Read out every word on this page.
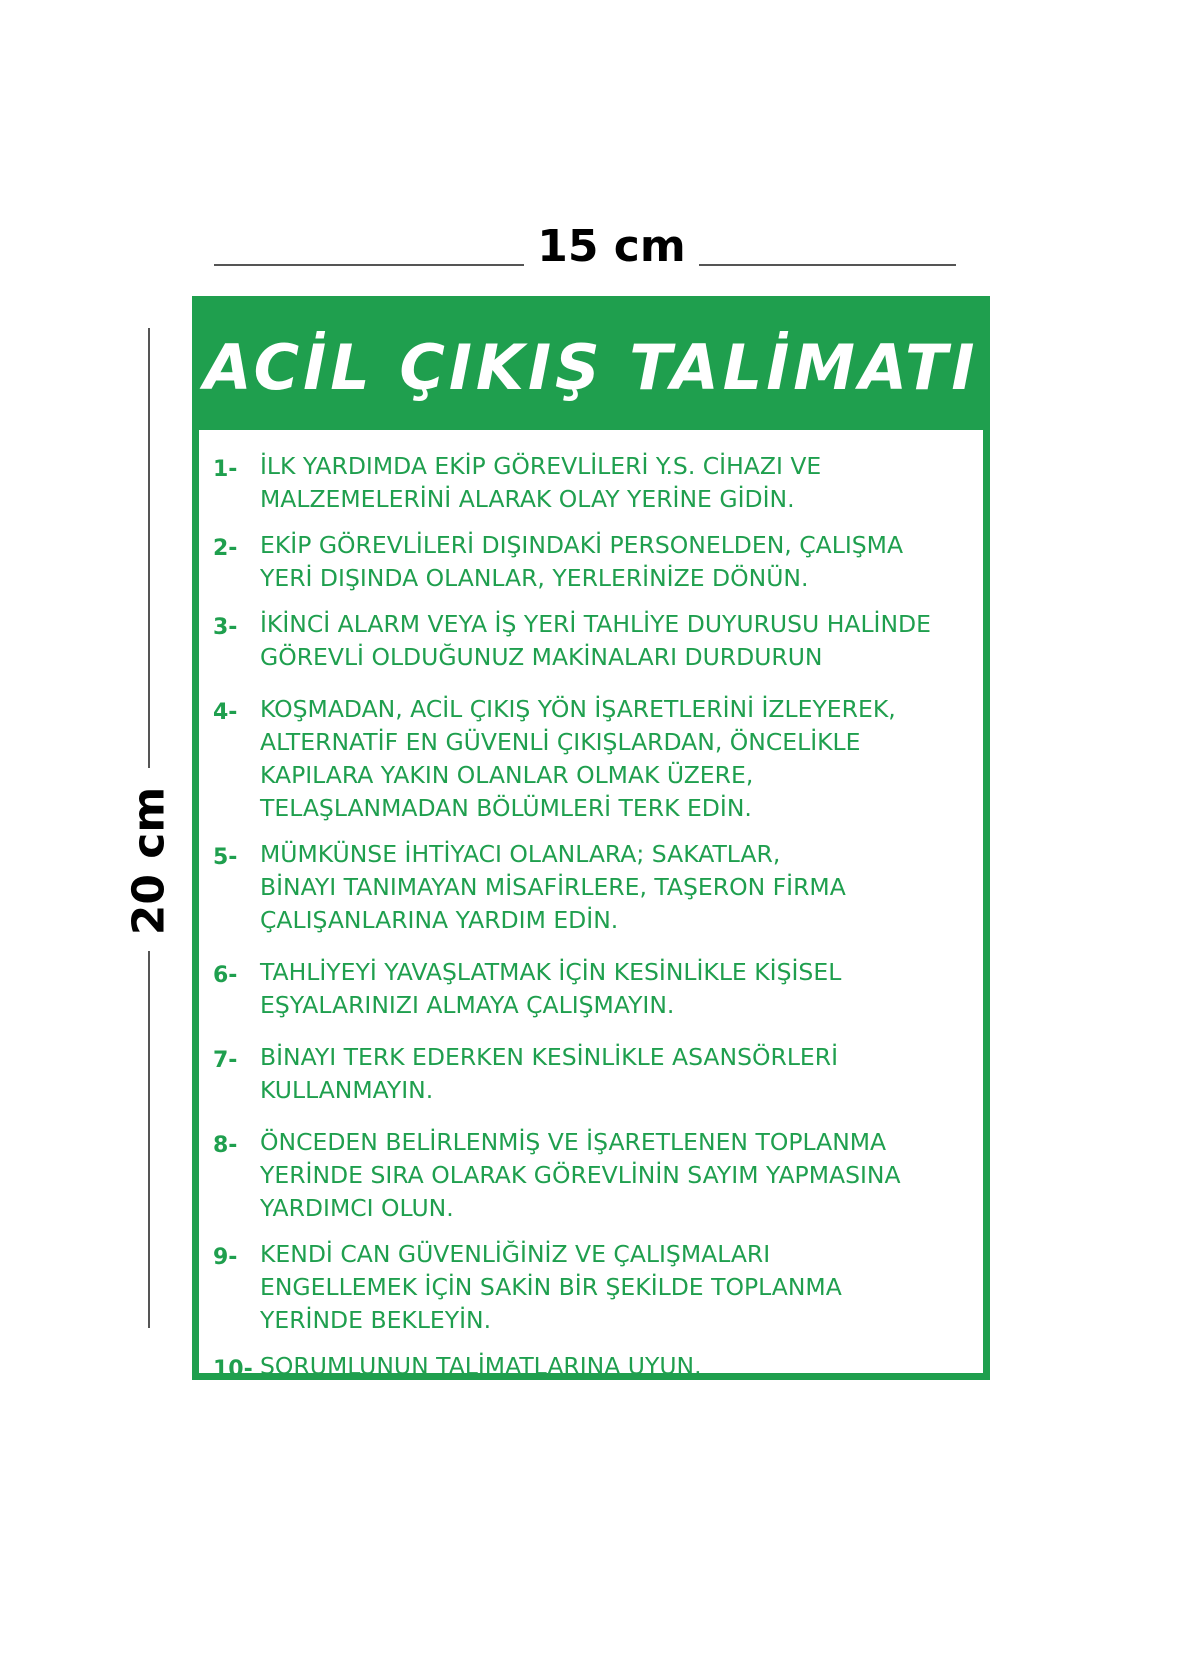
15 cm
20 cm
ACİL ÇIKIŞ TALİMATI
1- İLK YARDIMDA EKİP GÖREVLİLERİ Y.S. CİHAZI VE
MALZEMELERİNİ ALARAK OLAY YERİNE GİDİN.
2- EKİP GÖREVLİLERİ DIŞINDAKİ PERSONELDEN, ÇALIŞMA
YERİ DIŞINDA OLANLAR, YERLERİNİZE DÖNÜN.
3- İKİNCİ ALARM VEYA İŞ YERİ TAHLİYE DUYURUSU HALİNDE
GÖREVLİ OLDUĞUNUZ MAKİNALARI DURDURUN
4- KOŞMADAN, ACİL ÇIKIŞ YÖN İŞARETLERİNİ İZLEYEREK,
ALTERNATİF EN GÜVENLİ ÇIKIŞLARDAN, ÖNCELİKLE
KAPILARA YAKIN OLANLAR OLMAK ÜZERE,
TELAŞLANMADAN BÖLÜMLERİ TERK EDİN.
5- MÜMKÜNSE İHTİYACI OLANLARA; SAKATLAR,
BİNAYI TANIMAYAN MİSAFİRLERE, TAŞERON FİRMA
ÇALIŞANLARINA YARDIM EDİN.
6- TAHLİYEYİ YAVAŞLATMAK İÇİN KESİNLİKLE KİŞİSEL
EŞYALARINIZI ALMAYA ÇALIŞMAYIN.
7- BİNAYI TERK EDERKEN KESİNLİKLE ASANSÖRLERİ
KULLANMAYIN.
8- ÖNCEDEN BELİRLENMİŞ VE İŞARETLENEN TOPLANMA
YERİNDE SIRA OLARAK GÖREVLİNİN SAYIM YAPMASINA
YARDIMCI OLUN.
9- KENDİ CAN GÜVENLİĞİNİZ VE ÇALIŞMALARI
ENGELLEMEK İÇİN SAKİN BİR ŞEKİLDE TOPLANMA
YERİNDE BEKLEYİN.
10- SORUMLUNUN TALİMATLARINA UYUN.
